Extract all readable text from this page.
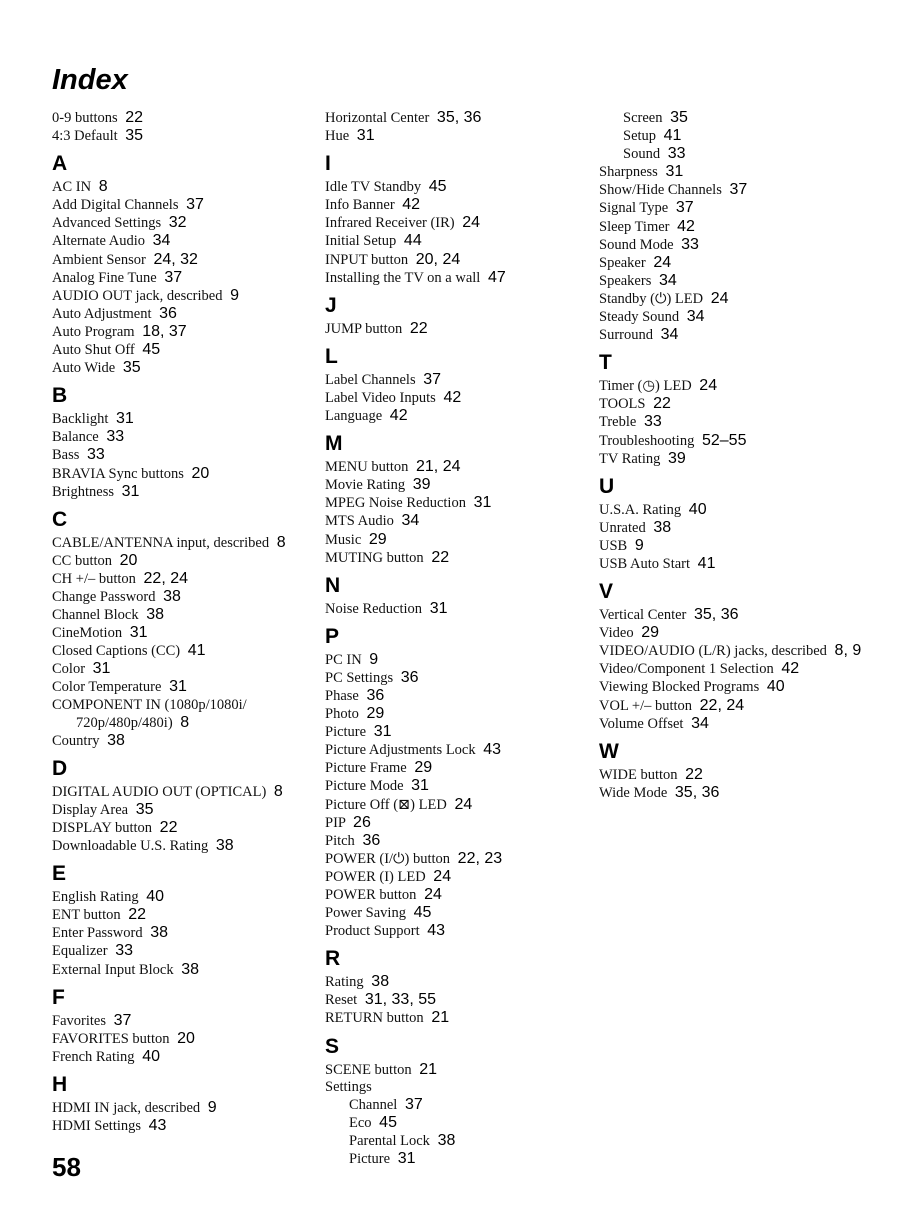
Index
0-9 buttons 22
4:3 Default 35
A
AC IN 8
Add Digital Channels 37
Advanced Settings 32
Alternate Audio 34
Ambient Sensor 24, 32
Analog Fine Tune 37
AUDIO OUT jack, described 9
Auto Adjustment 36
Auto Program 18, 37
Auto Shut Off 45
Auto Wide 35
B
Backlight 31
Balance 33
Bass 33
BRAVIA Sync buttons 20
Brightness 31
C
CABLE/ANTENNA input, described 8
CC button 20
CH +/– button 22, 24
Change Password 38
Channel Block 38
CineMotion 31
Closed Captions (CC) 41
Color 31
Color Temperature 31
COMPONENT IN (1080p/1080i/ 720p/480p/480i) 8
Country 38
D
DIGITAL AUDIO OUT (OPTICAL) 8
Display Area 35
DISPLAY button 22
Downloadable U.S. Rating 38
E
English Rating 40
ENT button 22
Enter Password 38
Equalizer 33
External Input Block 38
F
Favorites 37
FAVORITES button 20
French Rating 40
H
HDMI IN jack, described 9
HDMI Settings 43
Horizontal Center 35, 36
Hue 31
I
Idle TV Standby 45
Info Banner 42
Infrared Receiver (IR) 24
Initial Setup 44
INPUT button 20, 24
Installing the TV on a wall 47
J
JUMP button 22
L
Label Channels 37
Label Video Inputs 42
Language 42
M
MENU button 21, 24
Movie Rating 39
MPEG Noise Reduction 31
MTS Audio 34
Music 29
MUTING button 22
N
Noise Reduction 31
P
PC IN 9
PC Settings 36
Phase 36
Photo 29
Picture 31
Picture Adjustments Lock 43
Picture Frame 29
Picture Mode 31
Picture Off (⊠) LED 24
PIP 26
Pitch 36
POWER (I/⏻) button 22, 23
POWER (I) LED 24
POWER button 24
Power Saving 45
Product Support 43
R
Rating 38
Reset 31, 33, 55
RETURN button 21
S
SCENE button 21
Settings
Channel 37
Eco 45
Parental Lock 38
Picture 31
Screen 35
Setup 41
Sound 33
Sharpness 31
Show/Hide Channels 37
Signal Type 37
Sleep Timer 42
Sound Mode 33
Speaker 24
Speakers 34
Standby (⏻) LED 24
Steady Sound 34
Surround 34
T
Timer (◷) LED 24
TOOLS 22
Treble 33
Troubleshooting 52–55
TV Rating 39
U
U.S.A. Rating 40
Unrated 38
USB 9
USB Auto Start 41
V
Vertical Center 35, 36
Video 29
VIDEO/AUDIO (L/R) jacks, described 8, 9
Video/Component 1 Selection 42
Viewing Blocked Programs 40
VOL +/– button 22, 24
Volume Offset 34
W
WIDE button 22
Wide Mode 35, 36
58
